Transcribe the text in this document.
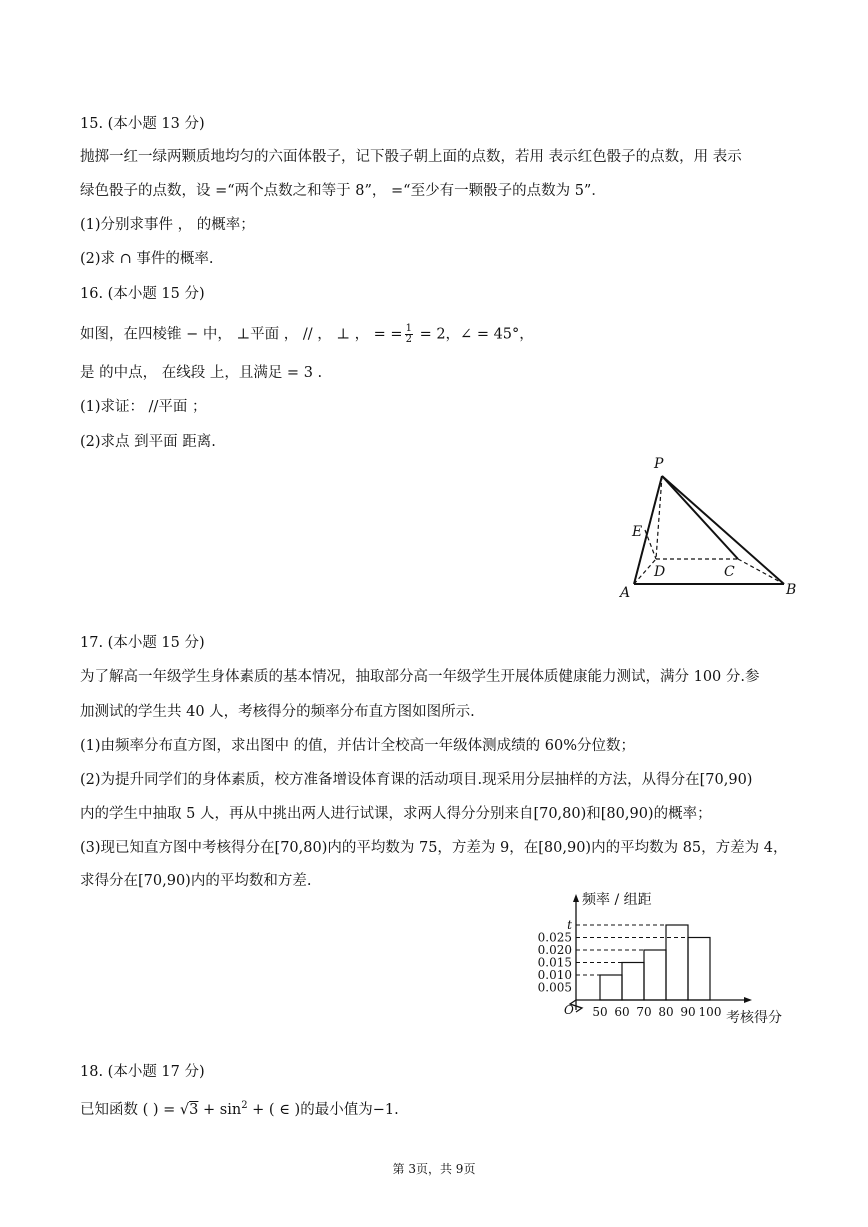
15. (本小题 13 分)
抛掷一红一绿两颗质地均匀的六面体骰子，记下骰子朝上面的点数，若用 表示红色骰子的点数，用 表示
绿色骰子的点数，设 =“两个点数之和等于 8”， =“至少有一颗骰子的点数为 5”．
(1)分别求事件 ， 的概率；
(2)求 ∩ 事件的概率.
16. (本小题 15 分)
如图，在四棱锥 − 中， ⊥平面 ， // ， ⊥ ， = = $\frac{1}{2} = 2$，∠ = 45°，
是 的中点， 在线段 上，且满足 = 3 .
(1)求证： //平面 ；
(2)求点 到平面 距离.
P
E
D	C
A	B
17. (本小题 15 分)
为了解高一年级学生身体素质的基本情况，抽取部分高一年级学生开展体质健康能力测试，满分 100 分.参
加测试的学生共 40 人，考核得分的频率分布直方图如图所示.
(1)由频率分布直方图，求出图中 的值，并估计全校高一年级体测成绩的 60%分位数；
(2)为提升同学们的身体素质，校方准备增设体育课的活动项目.现采用分层抽样的方法，从得分在[70,90)
内的学生中抽取 5 人，再从中挑出两人进行试课，求两人得分分别来自[70,80)和[80,90)的概率；
(3)现已知直方图中考核得分在[70,80)内的平均数为 75，方差为 9，在[80,90)内的平均数为 85，方差为 4，
求得分在[70,90)内的平均数和方差.
0.005
0.010
0.015
0.020
0.025
t
50 60 70 80 90 100
频率 / 组距
考核得分
O
18. (本小题 17 分)
已知函数 ( ) = $√3 + \sin^2$ + ( ∈ )的最小值为−1.
第 3页，共 9页
